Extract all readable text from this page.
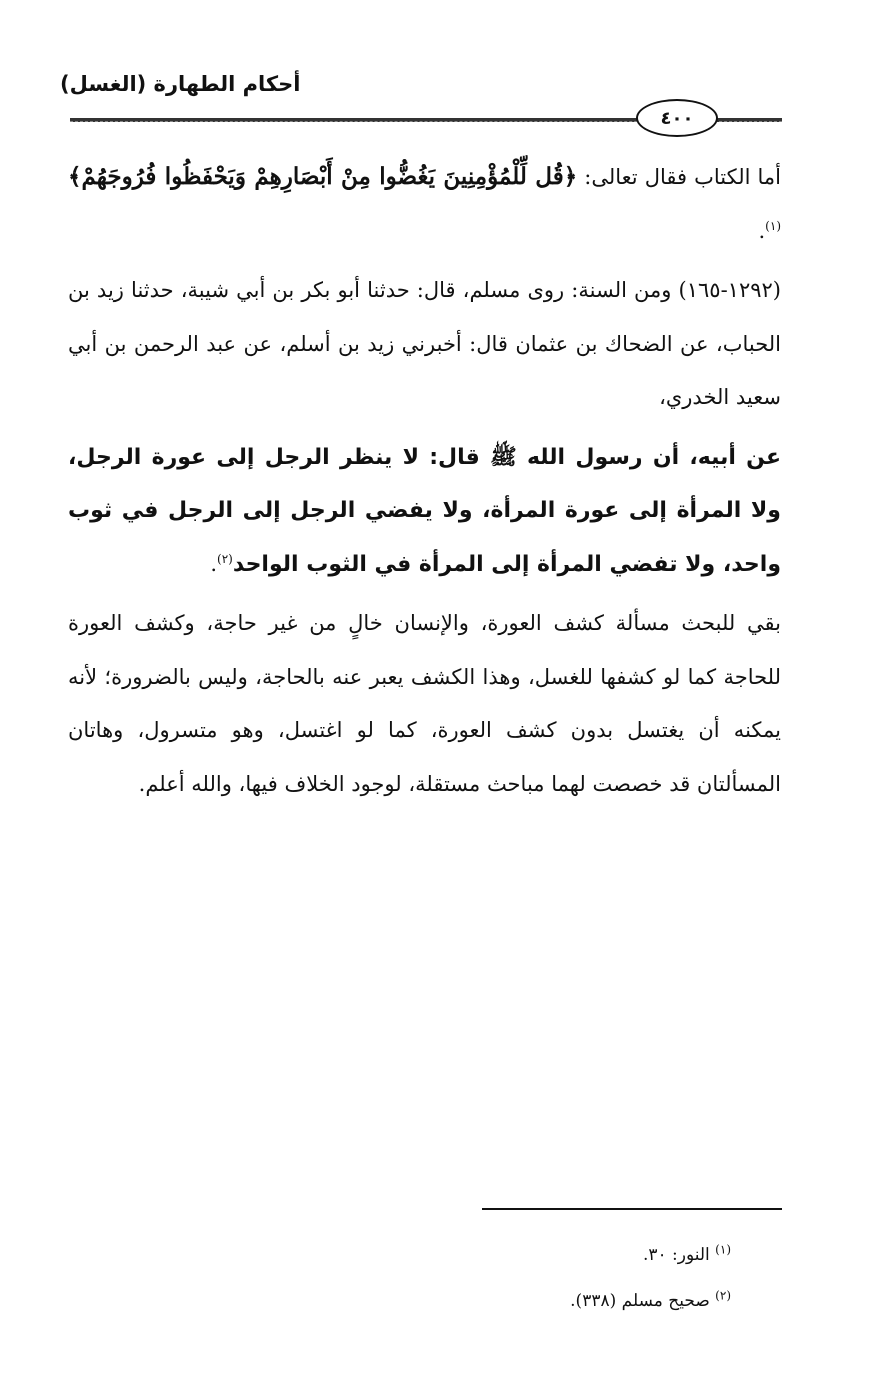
أحكام الطهارة (الغسل)
٤٠٠

أما الكتاب فقال تعالى: ﴿قُل لِّلْمُؤْمِنِينَ يَغُضُّوا مِنْ أَبْصَارِهِمْ وَيَحْفَظُوا فُرُوجَهُمْ﴾$^{(١)}$.

(١٢٩٢-١٦٥) ومن السنة: روى مسلم، قال: حدثنا أبو بكر بن أبي شيبة، حدثنا زيد بن الحباب، عن الضحاك بن عثمان قال: أخبرني زيد بن أسلم، عن عبد الرحمن بن أبي سعيد الخدري،

عن أبيه، أن رسول الله ﷺ قال: لا ينظر الرجل إلى عورة الرجل، ولا المرأة إلى عورة المرأة، ولا يفضي الرجل إلى الرجل في ثوب واحد، ولا تفضي المرأة إلى المرأة في الثوب الواحد$^{(٢)}$.

بقي للبحث مسألة كشف العورة، والإنسان خالٍ من غير حاجة، وكشف العورة للحاجة كما لو كشفها للغسل، وهذا الكشف يعبر عنه بالحاجة، وليس بالضرورة؛ لأنه يمكنه أن يغتسل بدون كشف العورة، كما لو اغتسل، وهو متسرول، وهاتان المسألتان قد خصصت لهما مباحث مستقلة، لوجود الخلاف فيها، والله أعلم.

$^{(١)}$ النور: ٣٠.
$^{(٢)}$ صحيح مسلم (٣٣٨).
